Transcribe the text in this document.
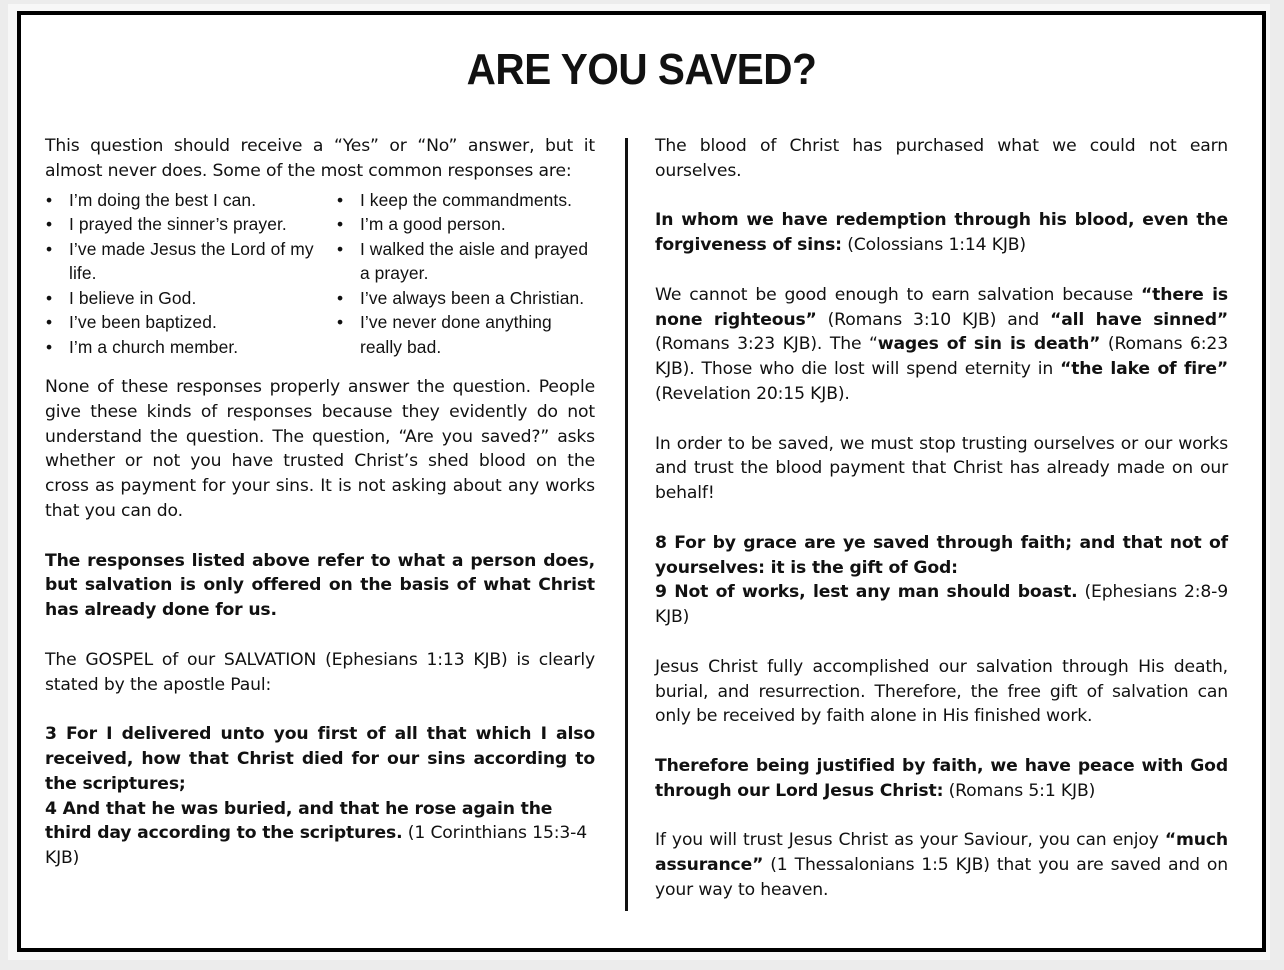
ARE YOU SAVED?

This question should receive a “Yes” or “No” answer, but it almost never does. Some of the most common responses are:

• I’m doing the best I can.
• I prayed the sinner’s prayer.
• I’ve made Jesus the Lord of my life.
• I believe in God.
• I’ve been baptized.
• I’m a church member.
• I keep the commandments.
• I’m a good person.
• I walked the aisle and prayed a prayer.
• I’ve always been a Christian.
• I’ve never done anything really bad.

None of these responses properly answer the question. People give these kinds of responses because they evidently do not understand the question. The question, “Are you saved?” asks whether or not you have trusted Christ’s shed blood on the cross as payment for your sins. It is not asking about any works that you can do.

The responses listed above refer to what a person does, but salvation is only offered on the basis of what Christ has already done for us.

The GOSPEL of our SALVATION (Ephesians 1:13 KJB) is clearly stated by the apostle Paul:

3 For I delivered unto you first of all that which I also received, how that Christ died for our sins according to the scriptures;

4 And that he was buried, and that he rose again the third day according to the scriptures. (1 Corinthians 15:3-4 KJB)

The blood of Christ has purchased what we could not earn ourselves.

In whom we have redemption through his blood, even the forgiveness of sins: (Colossians 1:14 KJB)

We cannot be good enough to earn salvation because “there is none righteous” (Romans 3:10 KJB) and “all have sinned” (Romans 3:23 KJB). The “wages of sin is death” (Romans 6:23 KJB). Those who die lost will spend eternity in “the lake of fire” (Revelation 20:15 KJB).

In order to be saved, we must stop trusting ourselves or our works and trust the blood payment that Christ has already made on our behalf!

8 For by grace are ye saved through faith; and that not of yourselves: it is the gift of God:

9 Not of works, lest any man should boast. (Ephesians 2:8-9 KJB)

Jesus Christ fully accomplished our salvation through His death, burial, and resurrection. Therefore, the free gift of salvation can only be received by faith alone in His finished work.

Therefore being justified by faith, we have peace with God through our Lord Jesus Christ: (Romans 5:1 KJB)

If you will trust Jesus Christ as your Saviour, you can enjoy “much assurance” (1 Thessalonians 1:5 KJB) that you are saved and on your way to heaven.
